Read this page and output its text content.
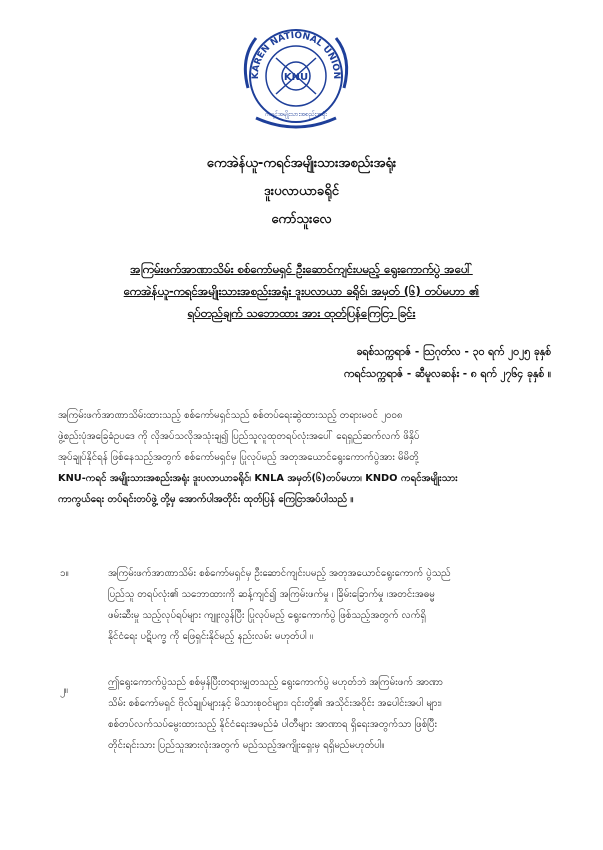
KAREN NATIONAL UNION
KNU
ကရင်အမျိုးသားအစည်းအရုံး
ကေအဲန်ယူ-ကရင်အမျိုးသားအစည်းအရုံး
ဒူးပလာယာခရိုင်
ကော်သူးလေ
အကြမ်းဖက်အာဏာသိမ်း စစ်ကော်မရှင် ဦးဆောင်ကျင်းပမည့် ရွေးကောက်ပွဲ အပေါ်
ကေအဲန်ယူ-ကရင်အမျိုးသားအစည်းအရုံး ဒူးပလာယာ ခရိုင်၊ အမှတ် (၆) တပ်မဟာ ၏
ရပ်တည်ချက် သဘောထား အား ထုတ်ပြန်ကြေငြာ ခြင်း
ခရစ်သက္ကရာဇ် - ဩဂုတ်လ - ၃၀ ရက် ၂၀၂၅ ခုနှစ်
ကရင်သက္ကရာဇ် - ဆီမူလဆန်း - ၈ ရက် ၂၇၆၄ ခုနှစ် ။
အကြမ်းဖက်အာဏာသိမ်းထားသည့် စစ်ကော်မရှင်သည် စစ်တပ်ရေးဆွဲထားသည့် တရားမဝင် ၂၀၀၈
ဖွဲ့စည်းပုံအခြေခံဥပဒေ ကို လိုအပ်သလိုအသုံးချ၍ ပြည်သူလူထုတရပ်လုံးအပေါ် ရေရှည်ဆက်လက် ဖိနှိပ်
အုပ်ချုပ်နိုင်ရန် ဖြစ်နေသည့်အတွက် စစ်ကော်မရှင်မှ ပြုလုပ်မည့် အတုအယောင်ရွေးကောက်ပွဲအား မိမိတို့
KNU-ကရင် အမျိုးသားအစည်းအရုံး ဒူးပလာယာခရိုင်၊ KNLA အမှတ်(၆)တပ်မဟာ၊ KNDO ကရင်အမျိုးသား
ကာကွယ်ရေး တပ်ရင်းတပ်ဖွဲ့ တို့မှ အောက်ပါအတိုင်း ထုတ်ပြန် ကြေငြာအပ်ပါသည် ။
၁။	အကြမ်းဖက်အာဏာသိမ်း စစ်ကော်မရှင်မှ ဦးဆောင်ကျင်းပမည့် အတုအယောင်ရွေးကောက် ပွဲသည်
ပြည်သူ တရပ်လုံး၏ သဘောထားကို ဆန့်ကျင်၍ အကြမ်းဖက်မှု ၊ ခြိမ်းခြောက်မှု ၊အတင်းအဓမ္မ
ဖမ်းဆီးမှု သည့်လုပ်ရပ်များ ကျူးလွန်ပြီး ပြုလုပ်မည့် ရွေးကောက်ပွဲ ဖြစ်သည့်အတွက် လက်ရှိ
နိုင်ငံရေး ပဋိပက္ခ ကို ဖြေရှင်းနိုင်မည့် နည်းလမ်း မဟုတ်ပါ ။
၂။
ဤရွေးကောက်ပွဲသည် စစ်မှန်ပြီးတရားမျှတသည့် ရွေးကောက်ပွဲ မဟုတ်ဘဲ အကြမ်းဖက် အာဏာ
သိမ်း စစ်ကော်မရှင် ဗိုလ်ချုပ်များနှင့် မိသားစုဝင်များ၊ ၎င်းတို့၏ အသိုင်းအဝိုင်း အပေါင်းအပါ များ၊
စစ်တပ်လက်သပ်မွေးထားသည့် နိုင်ငံရေးအမည်ခံ ပါတီများ အာဏာရ ရှိရေးအတွက်သာ ဖြစ်ပြီး
တိုင်းရင်းသား ပြည်သူအားလုံးအတွက် မည်သည့်အကျိုးရှေးမှ ရရှိမည်မဟုတ်ပါ။
